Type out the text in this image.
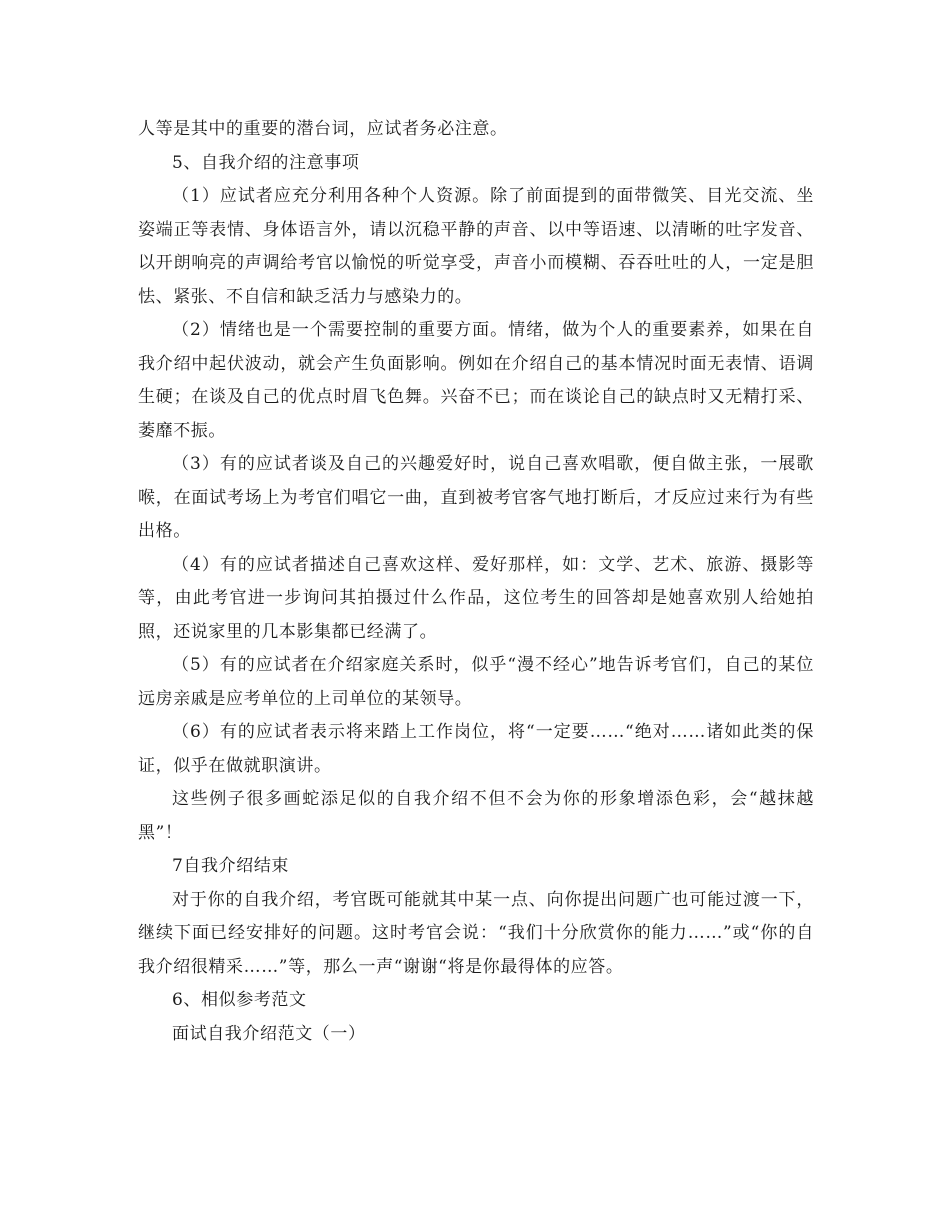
人等是其中的重要的潜台词，应试者务必注意。

5、自我介绍的注意事项

（1）应试者应充分利用各种个人资源。除了前面提到的面带微笑、目光交流、坐姿端正等表情、身体语言外，请以沉稳平静的声音、以中等语速、以清晰的吐字发音、以开朗响亮的声调给考官以愉悦的听觉享受，声音小而模糊、吞吞吐吐的人，一定是胆怯、紧张、不自信和缺乏活力与感染力的。

（2）情绪也是一个需要控制的重要方面。情绪，做为个人的重要素养，如果在自我介绍中起伏波动，就会产生负面影响。例如在介绍自己的基本情况时面无表情、语调生硬；在谈及自己的优点时眉飞色舞。兴奋不已；而在谈论自己的缺点时又无精打采、萎靡不振。

（3）有的应试者谈及自己的兴趣爱好时，说自己喜欢唱歌，便自做主张，一展歌喉，在面试考场上为考官们唱它一曲，直到被考官客气地打断后，才反应过来行为有些出格。

（4）有的应试者描述自己喜欢这样、爱好那样，如：文学、艺术、旅游、摄影等等，由此考官进一步询问其拍摄过什么作品，这位考生的回答却是她喜欢别人给她拍照，还说家里的几本影集都已经满了。

（5）有的应试者在介绍家庭关系时，似乎“漫不经心”地告诉考官们，自己的某位远房亲戚是应考单位的上司单位的某领导。

（6）有的应试者表示将来踏上工作岗位，将“一定要……“绝对……诸如此类的保证，似乎在做就职演讲。

这些例子很多画蛇添足似的自我介绍不但不会为你的形象增添色彩，会“越抹越黑”！

7自我介绍结束

对于你的自我介绍，考官既可能就其中某一点、向你提出问题广也可能过渡一下，继续下面已经安排好的问题。这时考官会说：“我们十分欣赏你的能力……”或“你的自我介绍很精采……”等，那么一声“谢谢“将是你最得体的应答。

6、相似参考范文

面试自我介绍范文（一）
